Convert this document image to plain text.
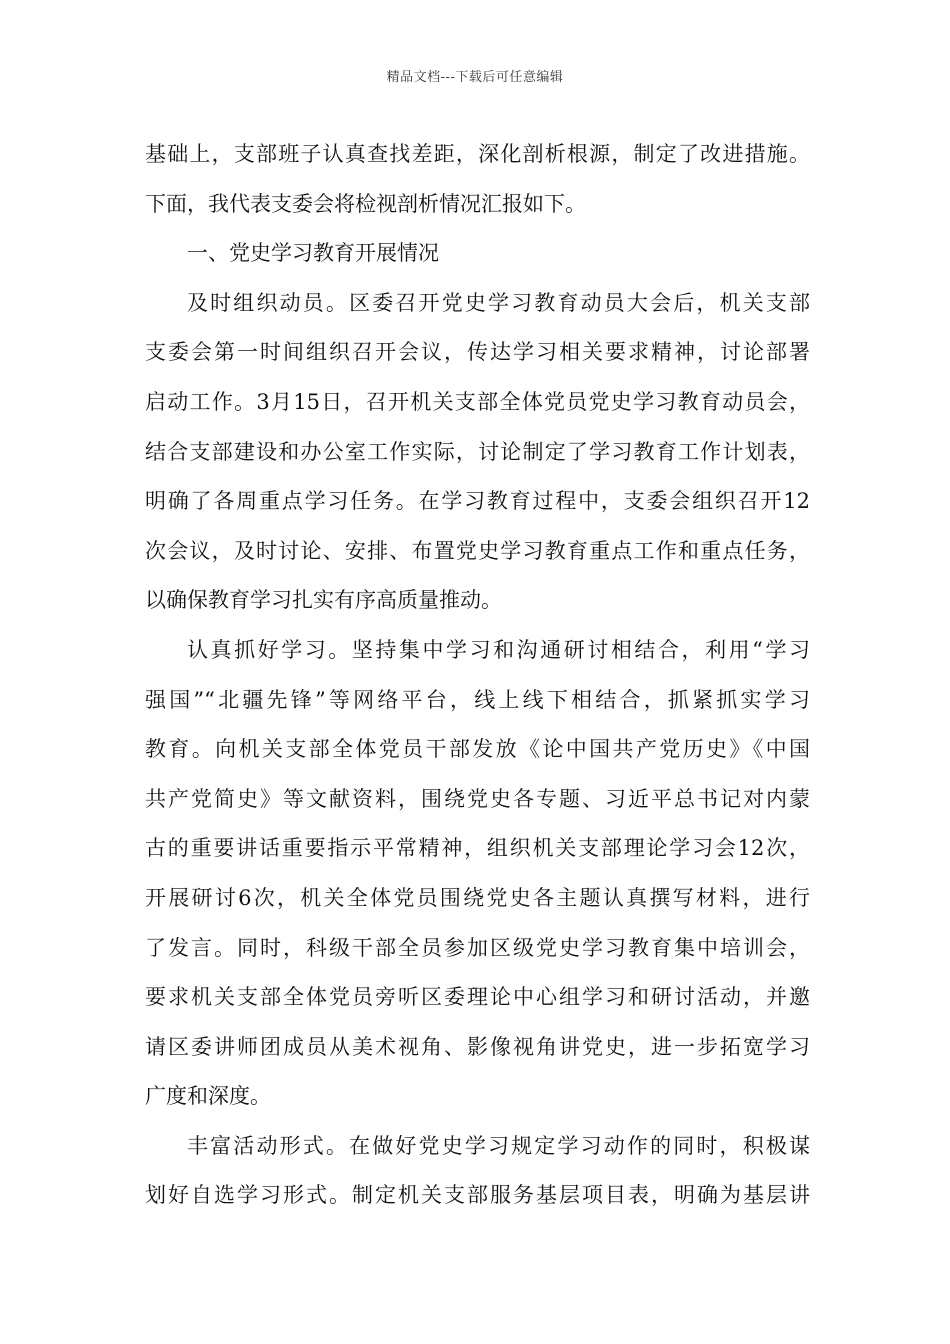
精品文档---下载后可任意编辑
基础上，支部班子认真查找差距，深化剖析根源，制定了改进措施。
下面，我代表支委会将检视剖析情况汇报如下。
一、党史学习教育开展情况
及时组织动员。区委召开党史学习教育动员大会后，机关支部
支委会第一时间组织召开会议，传达学习相关要求精神，讨论部署
启动工作。3月15日，召开机关支部全体党员党史学习教育动员会，
结合支部建设和办公室工作实际，讨论制定了学习教育工作计划表，
明确了各周重点学习任务。在学习教育过程中，支委会组织召开12
次会议，及时讨论、安排、布置党史学习教育重点工作和重点任务，
以确保教育学习扎实有序高质量推动。
认真抓好学习。坚持集中学习和沟通研讨相结合，利用“学习
强国”“北疆先锋”等网络平台，线上线下相结合，抓紧抓实学习
教育。向机关支部全体党员干部发放《论中国共产党历史》《中国
共产党简史》等文献资料，围绕党史各专题、习近平总书记对内蒙
古的重要讲话重要指示平常精神，组织机关支部理论学习会12次，
开展研讨6次，机关全体党员围绕党史各主题认真撰写材料，进行
了发言。同时，科级干部全员参加区级党史学习教育集中培训会，
要求机关支部全体党员旁听区委理论中心组学习和研讨活动，并邀
请区委讲师团成员从美术视角、影像视角讲党史，进一步拓宽学习
广度和深度。
丰富活动形式。在做好党史学习规定学习动作的同时，积极谋
划好自选学习形式。制定机关支部服务基层项目表，明确为基层讲
